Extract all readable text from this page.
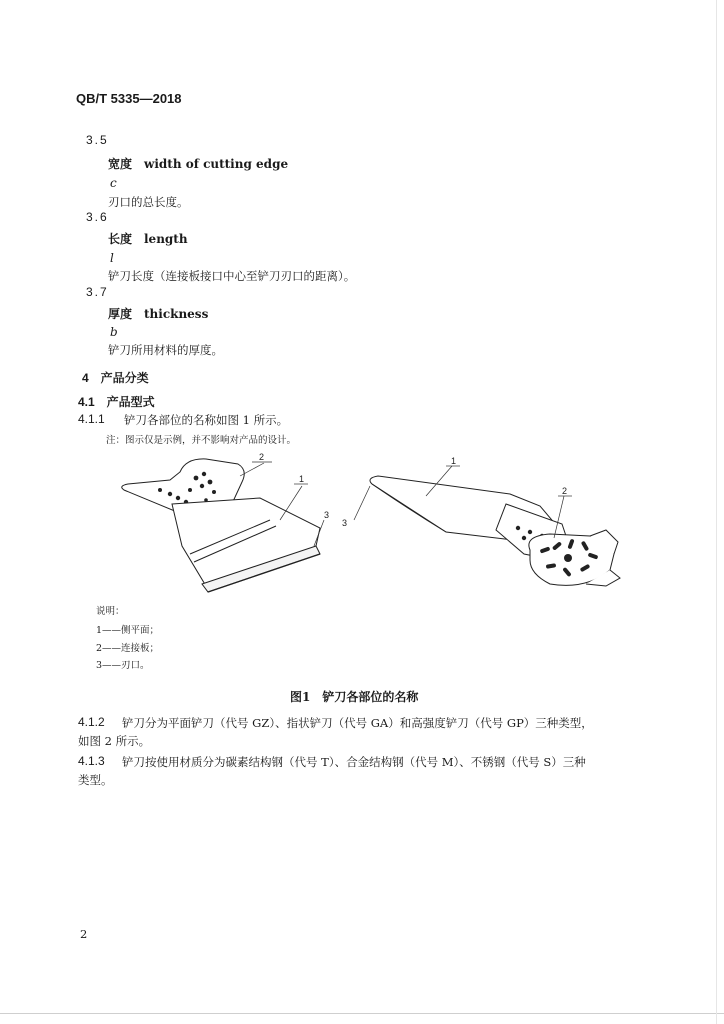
QB/T 5335—2018
3.5
宽度　width of cutting edge
c
刃口的总长度。
3.6
长度　length
l
铲刀长度（连接板接口中心至铲刀刃口的距离）。
3.7
厚度　thickness
b
铲刀所用材料的厚度。
4　产品分类
4.1　产品型式
4.1.1 铲刀各部位的名称如图 1 所示。
注：图示仅是示例，并不影响对产品的设计。
2
1
3
1
2
3
说明：
1——侧平面；
2——连接板；
3——刃口。
图1　铲刀各部位的名称
4.1.2 铲刀分为平面铲刀（代号 GZ）、指状铲刀（代号 GA）和高强度铲刀（代号 GP）三种类型，
如图 2 所示。
4.1.3 铲刀按使用材质分为碳素结构钢（代号 T）、合金结构钢（代号 M）、不锈钢（代号 S）三种
类型。
2
